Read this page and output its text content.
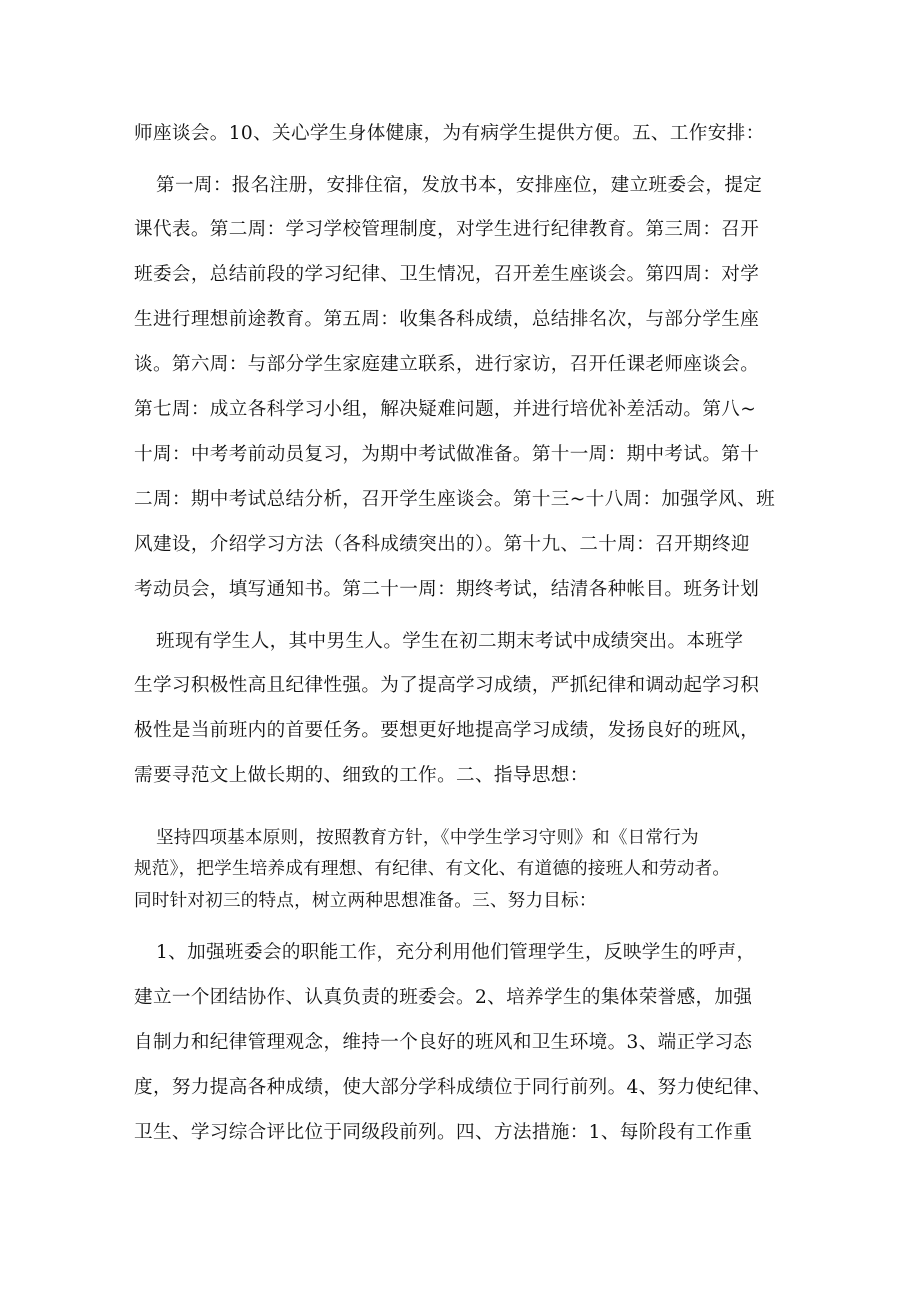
师座谈会。10、关心学生身体健康，为有病学生提供方便。五、工作安排：

第一周：报名注册，安排住宿，发放书本，安排座位，建立班委会，提定

课代表。第二周：学习学校管理制度，对学生进行纪律教育。第三周：召开

班委会，总结前段的学习纪律、卫生情况，召开差生座谈会。第四周：对学

生进行理想前途教育。第五周：收集各科成绩，总结排名次，与部分学生座

谈。第六周：与部分学生家庭建立联系，进行家访，召开任课老师座谈会。

第七周：成立各科学习小组，解决疑难问题，并进行培优补差活动。第八~

十周：中考考前动员复习，为期中考试做准备。第十一周：期中考试。第十

二周：期中考试总结分析，召开学生座谈会。第十三~十八周：加强学风、班

风建设，介绍学习方法（各科成绩突出的）。第十九、二十周：召开期终迎

考动员会，填写通知书。第二十一周：期终考试，结清各种帐目。班务计划

班现有学生人，其中男生人。学生在初二期末考试中成绩突出。本班学

生学习积极性高且纪律性强。为了提高学习成绩，严抓纪律和调动起学习积

极性是当前班内的首要任务。要想更好地提高学习成绩，发扬良好的班风，

需要寻范文上做长期的、细致的工作。二、指导思想：

坚持四项基本原则，按照教育方针，《中学生学习守则》和《日常行为

规范》，把学生培养成有理想、有纪律、有文化、有道德的接班人和劳动者。

同时针对初三的特点，树立两种思想准备。三、努力目标：

1、加强班委会的职能工作，充分利用他们管理学生，反映学生的呼声，

建立一个团结协作、认真负责的班委会。2、培养学生的集体荣誉感，加强

自制力和纪律管理观念，维持一个良好的班风和卫生环境。3、端正学习态

度，努力提高各种成绩，使大部分学科成绩位于同行前列。4、努力使纪律、

卫生、学习综合评比位于同级段前列。四、方法措施：1、每阶段有工作重
